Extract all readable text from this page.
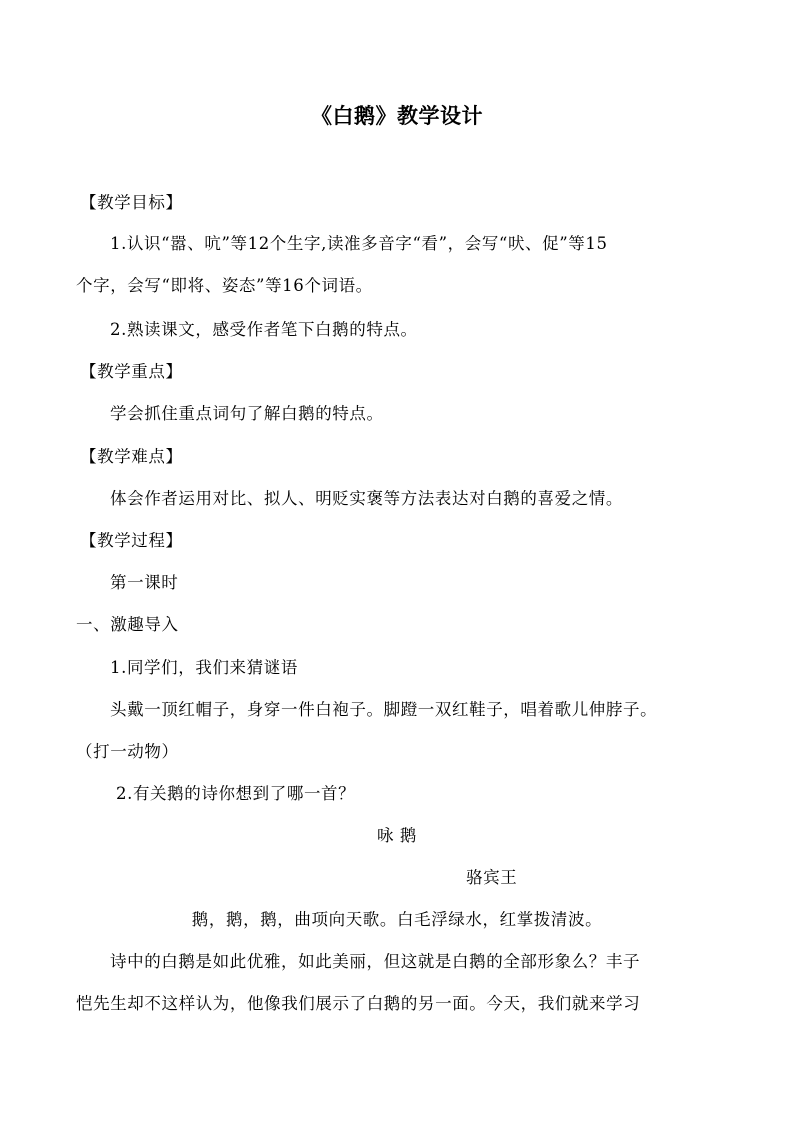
《白鹅》教学设计
【教学目标】
1.认识“嚣、吭”等12个生字,读准多音字“看”，会写“吠、促”等15
个字，会写“即将、姿态”等16个词语。
2.熟读课文，感受作者笔下白鹅的特点。
【教学重点】
学会抓住重点词句了解白鹅的特点。
【教学难点】
体会作者运用对比、拟人、明贬实褒等方法表达对白鹅的喜爱之情。
【教学过程】
第一课时
一、激趣导入
1.同学们，我们来猜谜语
头戴一顶红帽子，身穿一件白袍子。脚蹬一双红鞋子，唱着歌儿伸脖子。
（打一动物）
2.有关鹅的诗你想到了哪一首？
咏 鹅
骆宾王
鹅，鹅，鹅，曲项向天歌。白毛浮绿水，红掌拨清波。
诗中的白鹅是如此优雅，如此美丽，但这就是白鹅的全部形象么？丰子
恺先生却不这样认为，他像我们展示了白鹅的另一面。今天，我们就来学习
